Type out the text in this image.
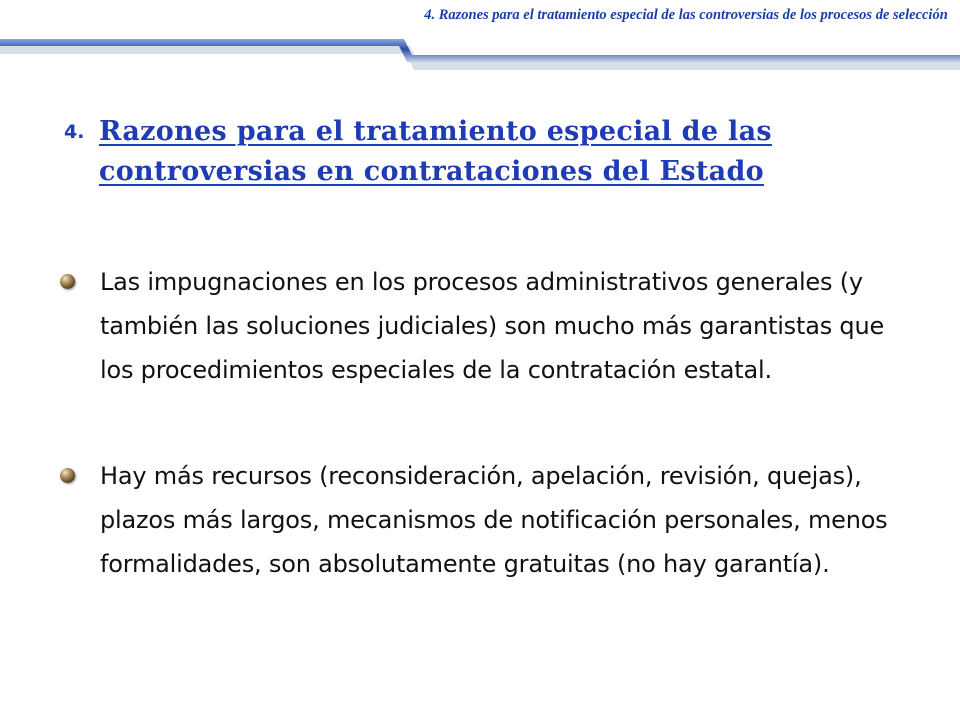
4. Razones para el tratamiento especial de las controversias de los procesos de selección
4. Razones para el tratamiento especial de las controversias en contrataciones del Estado
Las impugnaciones en los procesos administrativos generales (y también las soluciones judiciales) son mucho más garantistas que los procedimientos especiales de la contratación estatal.
Hay más recursos (reconsideración, apelación, revisión, quejas), plazos más largos, mecanismos de notificación personales, menos formalidades, son absolutamente gratuitas (no hay garantía).
